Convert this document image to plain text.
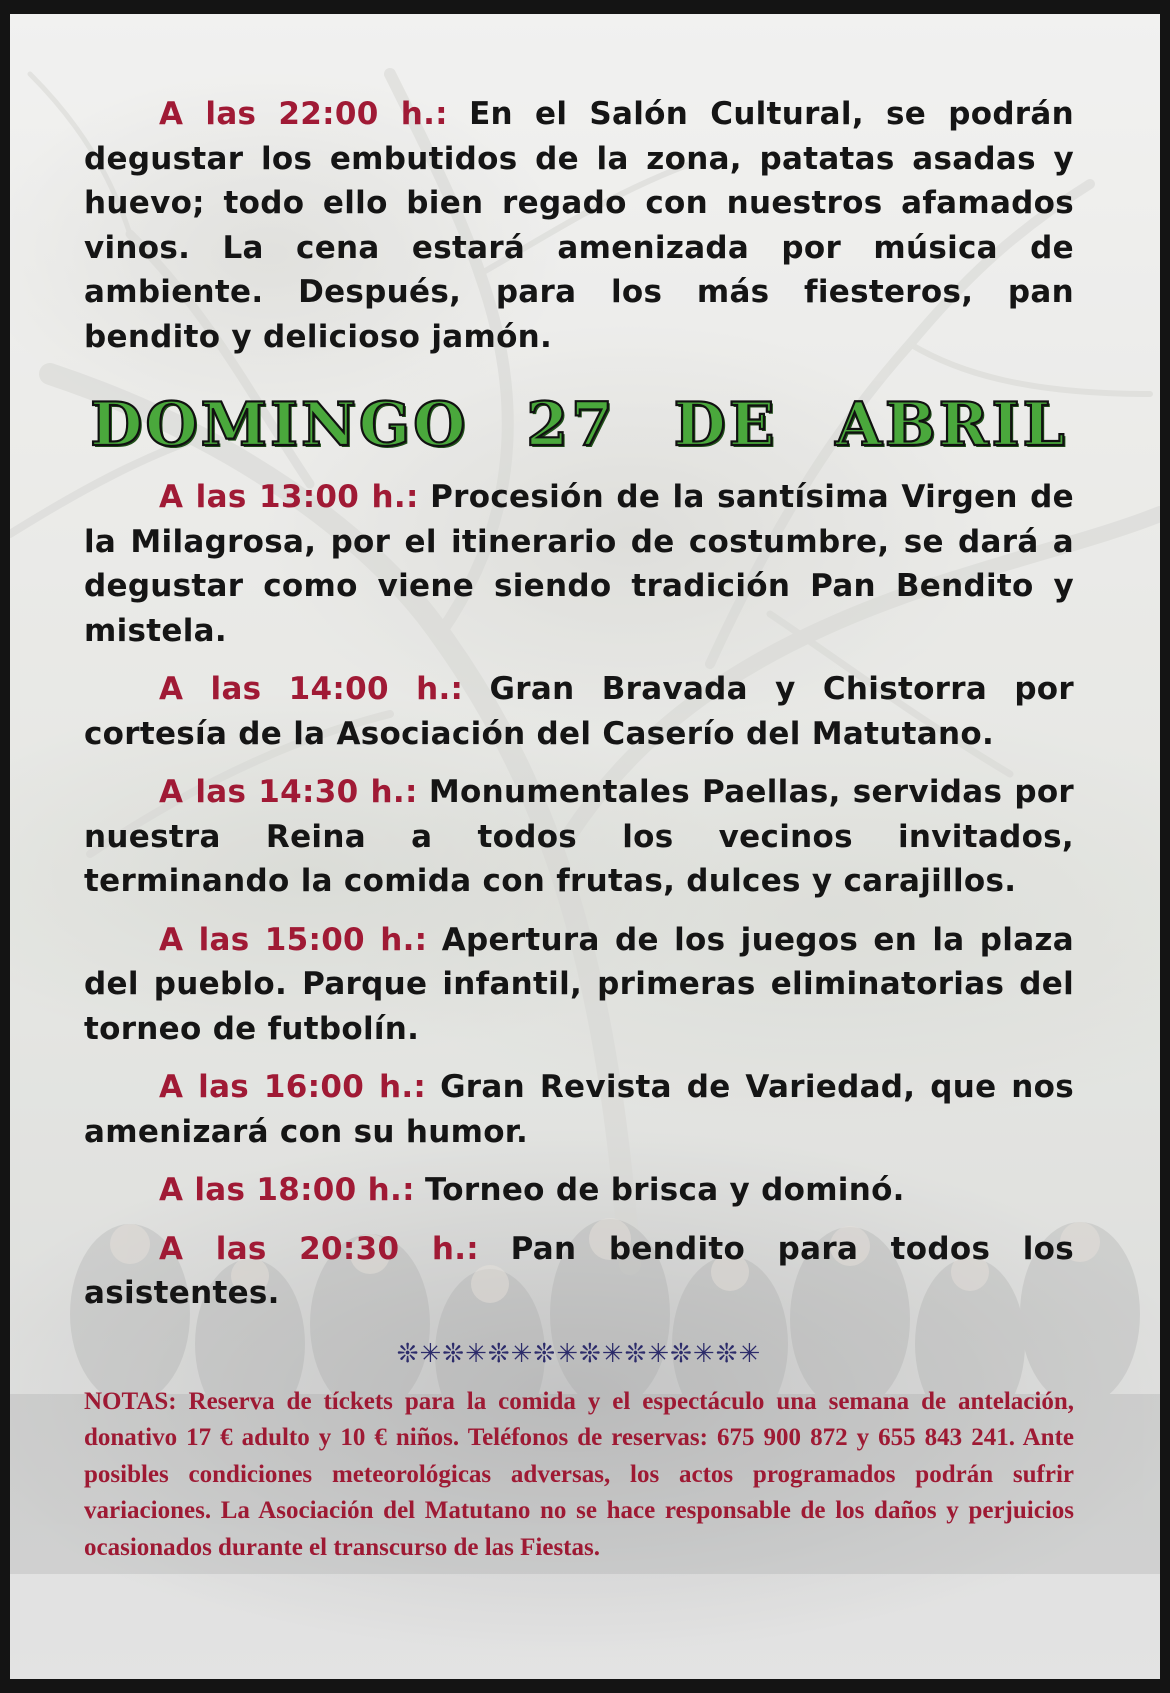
A las 22:00 h.: En el Salón Cultural, se podrán degustar los embutidos de la zona, patatas asadas y huevo; todo ello bien regado con nuestros afamados vinos. La cena estará amenizada por música de ambiente. Después, para los más fiesteros, pan bendito y delicioso jamón.

DOMINGO 27 DE ABRIL

A las 13:00 h.: Procesión de la santísima Virgen de la Milagrosa, por el itinerario de costumbre, se dará a degustar como viene siendo tradición Pan Bendito y mistela.

A las 14:00 h.: Gran Bravada y Chistorra por cortesía de la Asociación del Caserío del Matutano.

A las 14:30 h.: Monumentales Paellas, servidas por nuestra Reina a todos los vecinos invitados, terminando la comida con frutas, dulces y carajillos.

A las 15:00 h.: Apertura de los juegos en la plaza del pueblo. Parque infantil, primeras eliminatorias del torneo de futbolín.

A las 16:00 h.: Gran Revista de Variedad, que nos amenizará con su humor.

A las 18:00 h.: Torneo de brisca y dominó.

A las 20:30 h.: Pan bendito para todos los asistentes.

❊✳❊✳❊✳❊✳❊✳❊✳❊✳❊✳

NOTAS: Reserva de tíckets para la comida y el espectáculo una semana de antelación, donativo 17 € adulto y 10 € niños. Teléfonos de reservas: 675 900 872 y 655 843 241. Ante posibles condiciones meteorológicas adversas, los actos programados podrán sufrir variaciones. La Asociación del Matutano no se hace responsable de los daños y perjuicios ocasionados durante el transcurso de las Fiestas.
